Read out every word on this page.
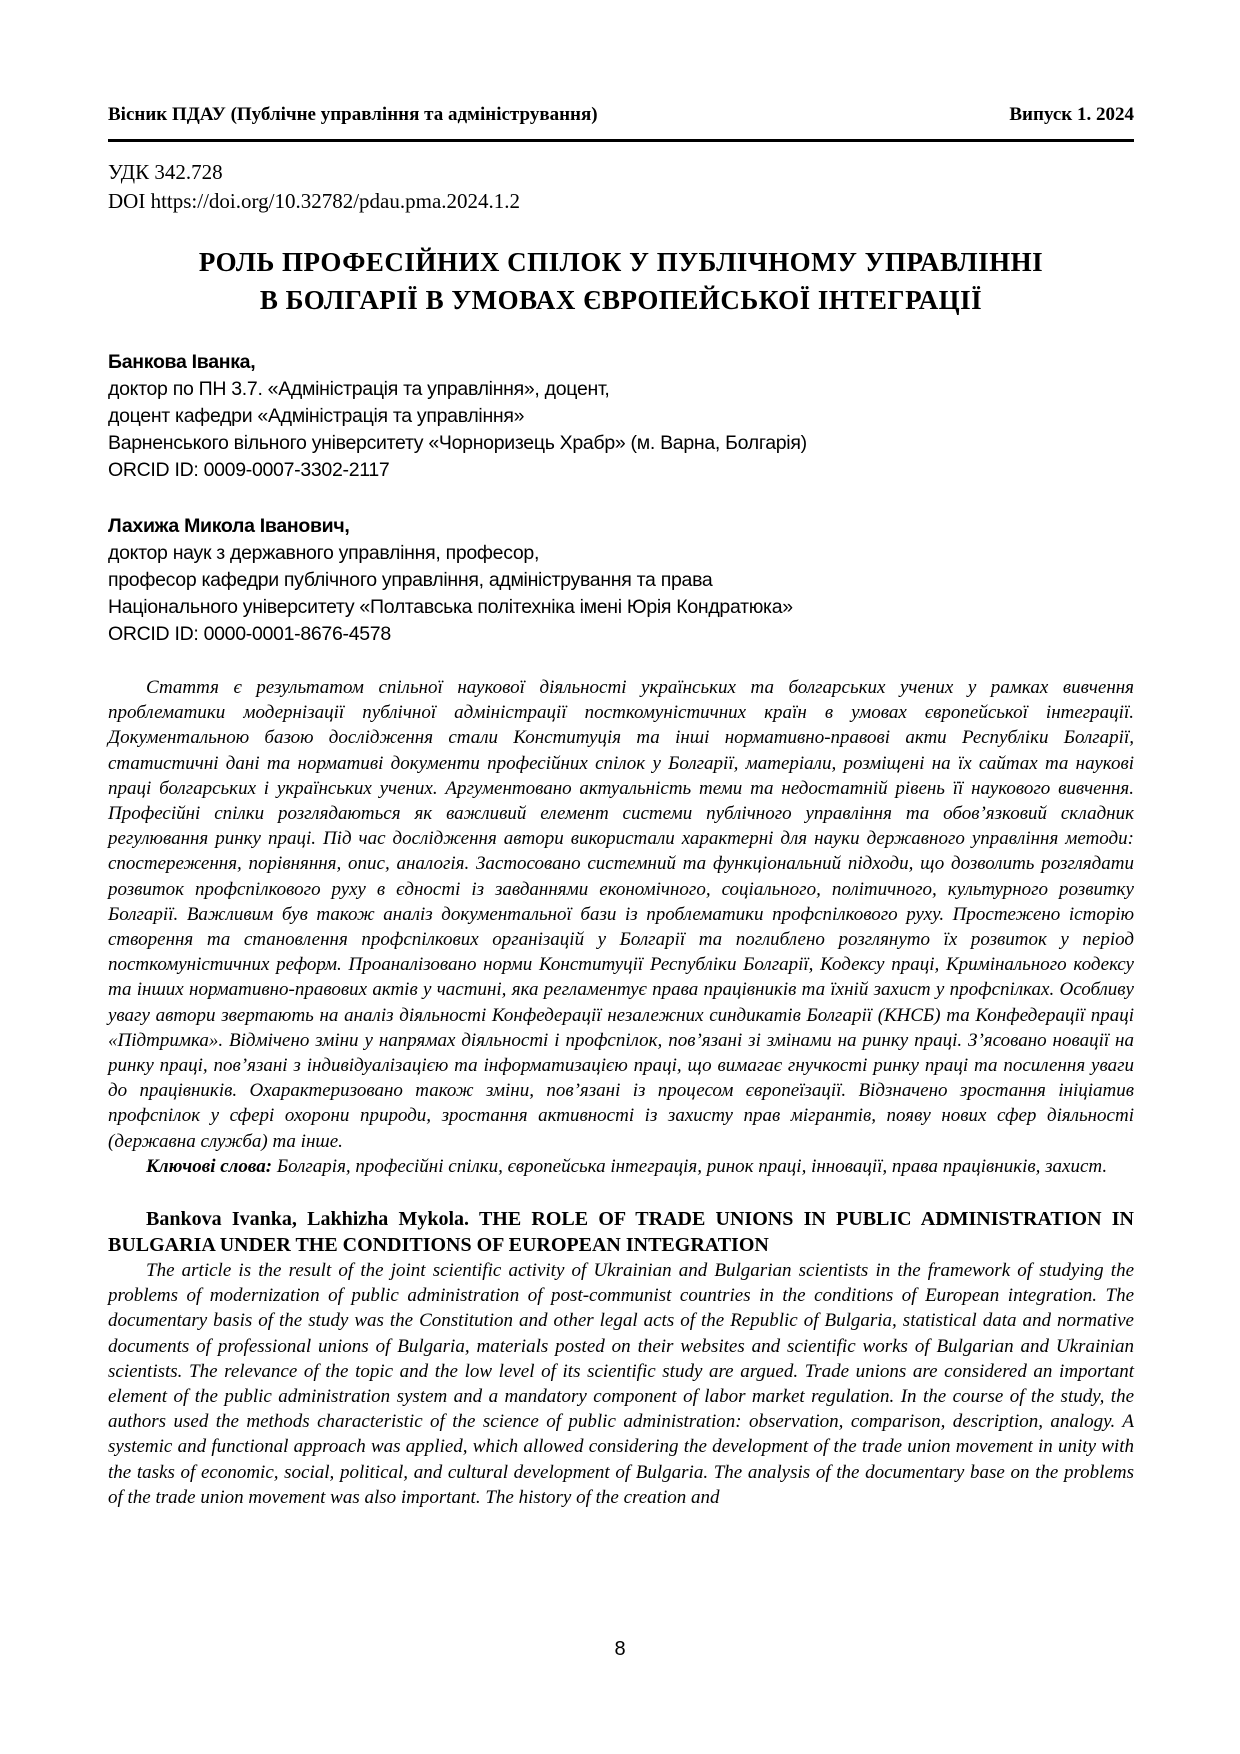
Вісник ПДАУ (Публічне управління та адміністрування)	Випуск 1. 2024
УДК 342.728
DOI https://doi.org/10.32782/pdau.pma.2024.1.2
РОЛЬ ПРОФЕСІЙНИХ СПІЛОК У ПУБЛІЧНОМУ УПРАВЛІННІ
В БОЛГАРІЇ В УМОВАХ ЄВРОПЕЙСЬКОЇ ІНТЕГРАЦІЇ
Банкова Іванка,
доктор по ПН 3.7. «Адміністрація та управління», доцент,
доцент кафедри «Адміністрація та управління»
Варненського вільного університету «Чорноризець Храбр» (м. Варна, Болгарія)
ORCID ID: 0009-0007-3302-2117
Лахижа Микола Іванович,
доктор наук з державного управління, професор,
професор кафедри публічного управління, адміністрування та права
Національного університету «Полтавська політехніка імені Юрія Кондратюка»
ORCID ID: 0000-0001-8676-4578

Стаття є результатом спільної наукової діяльності українських та болгарських учених у рамках вивчення проблематики модернізації публічної адміністрації посткомуністичних країн в умовах європейської інтеграції. Документальною базою дослідження стали Конституція та інші нормативно-правові акти Республіки Болгарії, статистичні дані та нормативі документи професійних спілок у Болгарії, матеріали, розміщені на їх сайтах та наукові праці болгарських і українських учених. Аргументовано актуальність теми та недостатній рівень її наукового вивчення. Професійні спілки розглядаються як важливий елемент системи публічного управління та обов’язковий складник регулювання ринку праці. Під час дослідження автори використали характерні для науки державного управління методи: спостереження, порівняння, опис, аналогія. Застосовано системний та функціональний підходи, що дозволить розглядати розвиток профспілкового руху в єдності із завданнями економічного, соціального, політичного, культурного розвитку Болгарії. Важливим був також аналіз документальної бази із проблематики профспілкового руху. Простежено історію створення та становлення профспілкових організацій у Болгарії та поглиблено розглянуто їх розвиток у період посткомуністичних реформ. Проаналізовано норми Конституції Республіки Болгарії, Кодексу праці, Кримінального кодексу та інших нормативно-правових актів у частині, яка регламентує права працівників та їхній захист у профспілках. Особливу увагу автори звертають на аналіз діяльності Конфедерації незалежних синдикатів Болгарії (КНСБ) та Конфедерації праці «Підтримка». Відмічено зміни у напрямах діяльності і профспілок, пов’язані зі змінами на ринку праці. З’ясовано новації на ринку праці, пов’язані з індивідуалізацією та інформатизацією праці, що вимагає гнучкості ринку праці та посилення уваги до працівників. Охарактеризовано також зміни, пов’язані із процесом європеїзації. Відзначено зростання ініціатив профспілок у сфері охорони природи, зростання активності із захисту прав мігрантів, появу нових сфер діяльності (державна служба) та інше.

Ключові слова: Болгарія, професійні спілки, європейська інтеграція, ринок праці, інновації, права працівників, захист.

Bankova Ivanka, Lakhizha Mykola. THE ROLE OF TRADE UNIONS IN PUBLIC ADMINISTRATION IN BULGARIA UNDER THE CONDITIONS OF EUROPEAN INTEGRATION

The article is the result of the joint scientific activity of Ukrainian and Bulgarian scientists in the framework of studying the problems of modernization of public administration of post-communist countries in the conditions of European integration. The documentary basis of the study was the Constitution and other legal acts of the Republic of Bulgaria, statistical data and normative documents of professional unions of Bulgaria, materials posted on their websites and scientific works of Bulgarian and Ukrainian scientists. The relevance of the topic and the low level of its scientific study are argued. Trade unions are considered an important element of the public administration system and a mandatory component of labor market regulation. In the course of the study, the authors used the methods characteristic of the science of public administration: observation, comparison, description, analogy. A systemic and functional approach was applied, which allowed considering the development of the trade union movement in unity with the tasks of economic, social, political, and cultural development of Bulgaria. The analysis of the documentary base on the problems of the trade union movement was also important. The history of the creation and

8
